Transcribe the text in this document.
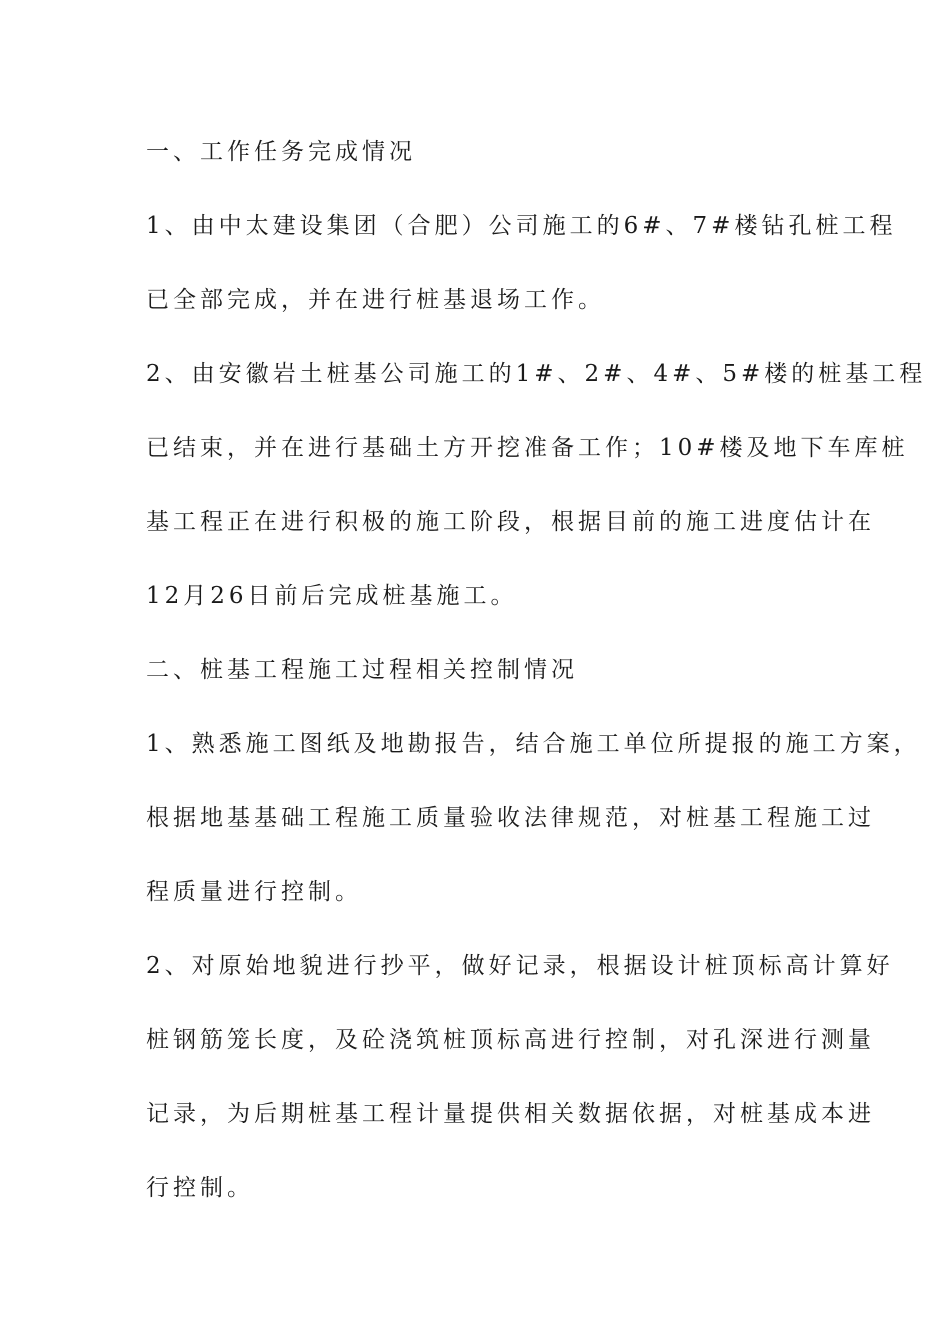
一、工作任务完成情况
1、由中太建设集团（合肥）公司施工的6#、7#楼钻孔桩工程
已全部完成，并在进行桩基退场工作。
2、由安徽岩土桩基公司施工的1#、2#、4#、5#楼的桩基工程
已结束，并在进行基础土方开挖准备工作；10#楼及地下车库桩
基工程正在进行积极的施工阶段，根据目前的施工进度估计在
12月26日前后完成桩基施工。
二、桩基工程施工过程相关控制情况
1、熟悉施工图纸及地勘报告，结合施工单位所提报的施工方案，
根据地基基础工程施工质量验收法律规范，对桩基工程施工过
程质量进行控制。
2、对原始地貌进行抄平，做好记录，根据设计桩顶标高计算好
桩钢筋笼长度，及砼浇筑桩顶标高进行控制，对孔深进行测量
记录，为后期桩基工程计量提供相关数据依据，对桩基成本进
行控制。
